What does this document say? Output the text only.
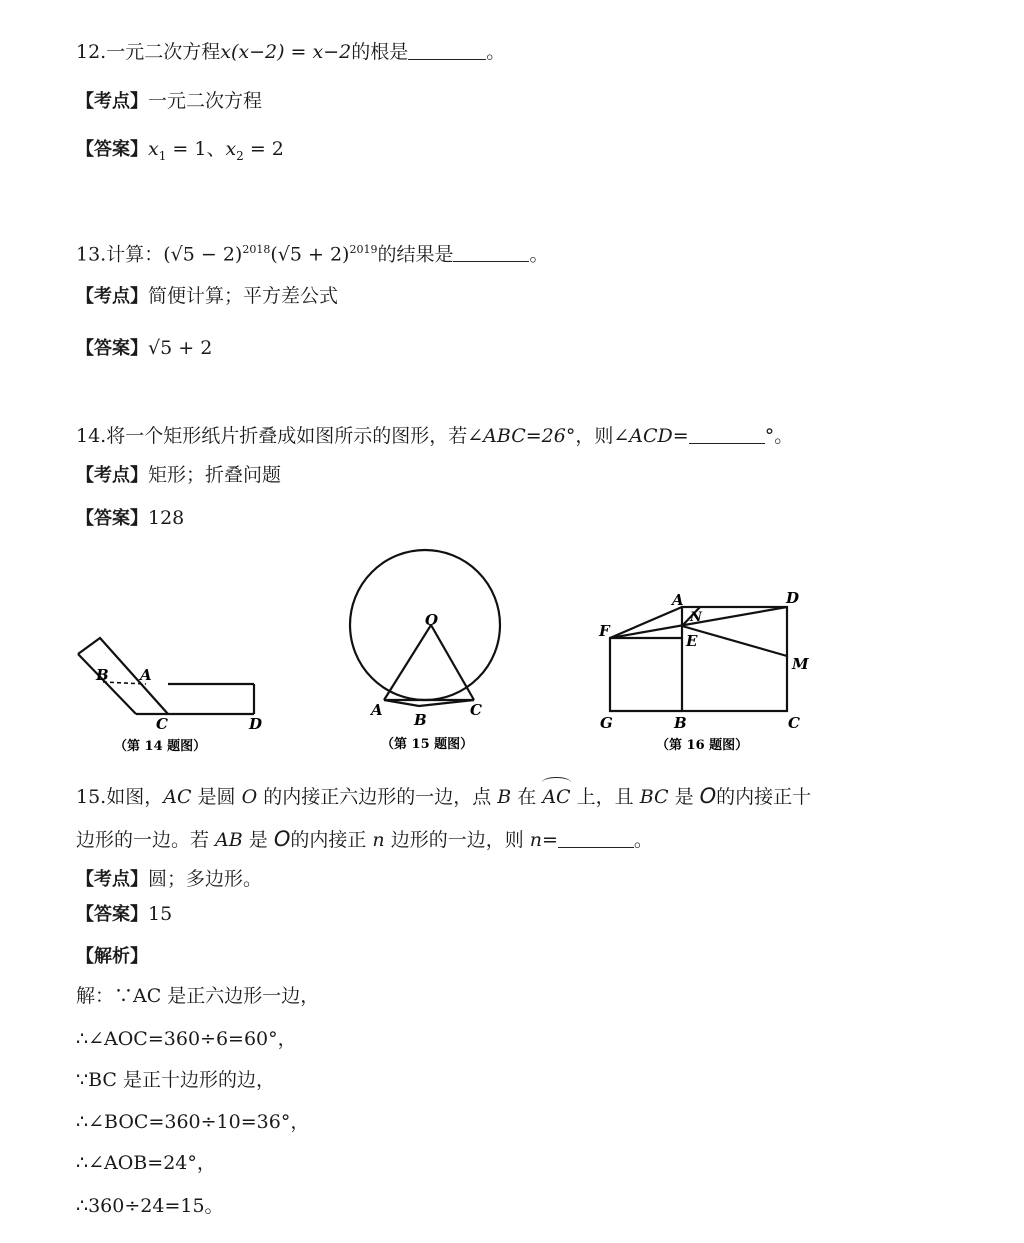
12.一元二次方程x(x−2) = x−2的根是	。
【考点】一元二次方程
【答案】$x_1 = 1$、$x_2 = 2$
13.计算：$(√5 - 2)^{2018}(√5 + 2)^{2019}$的结果是	。
【考点】简便计算；平方差公式
【答案】√5 + 2
14.将一个矩形纸片折叠成如图所示的图形，若∠ABC=26°，则∠ACD=	°。
【考点】矩形；折叠问题
【答案】128
B A
C	D
（第 14 题图）
O
A
B
C
（第 15 题图）
A	D
N
F
E
M
G	B	C
（第 16 题图）
15.如图，AC 是圆 O 的内接正六边形的一边，点 B 在 AC 上，且 BC 是 O的内接正十
边形的一边。若 AB 是 O的内接正 n 边形的一边，则 n=	。
【考点】圆；多边形。
【答案】15
【解析】
解：∵AC 是正六边形一边，
∴∠AOC=360÷6=60°，
∵BC 是正十边形的边，
∴∠BOC=360÷10=36°，
∴∠AOB=24°，
∴360÷24=15。
